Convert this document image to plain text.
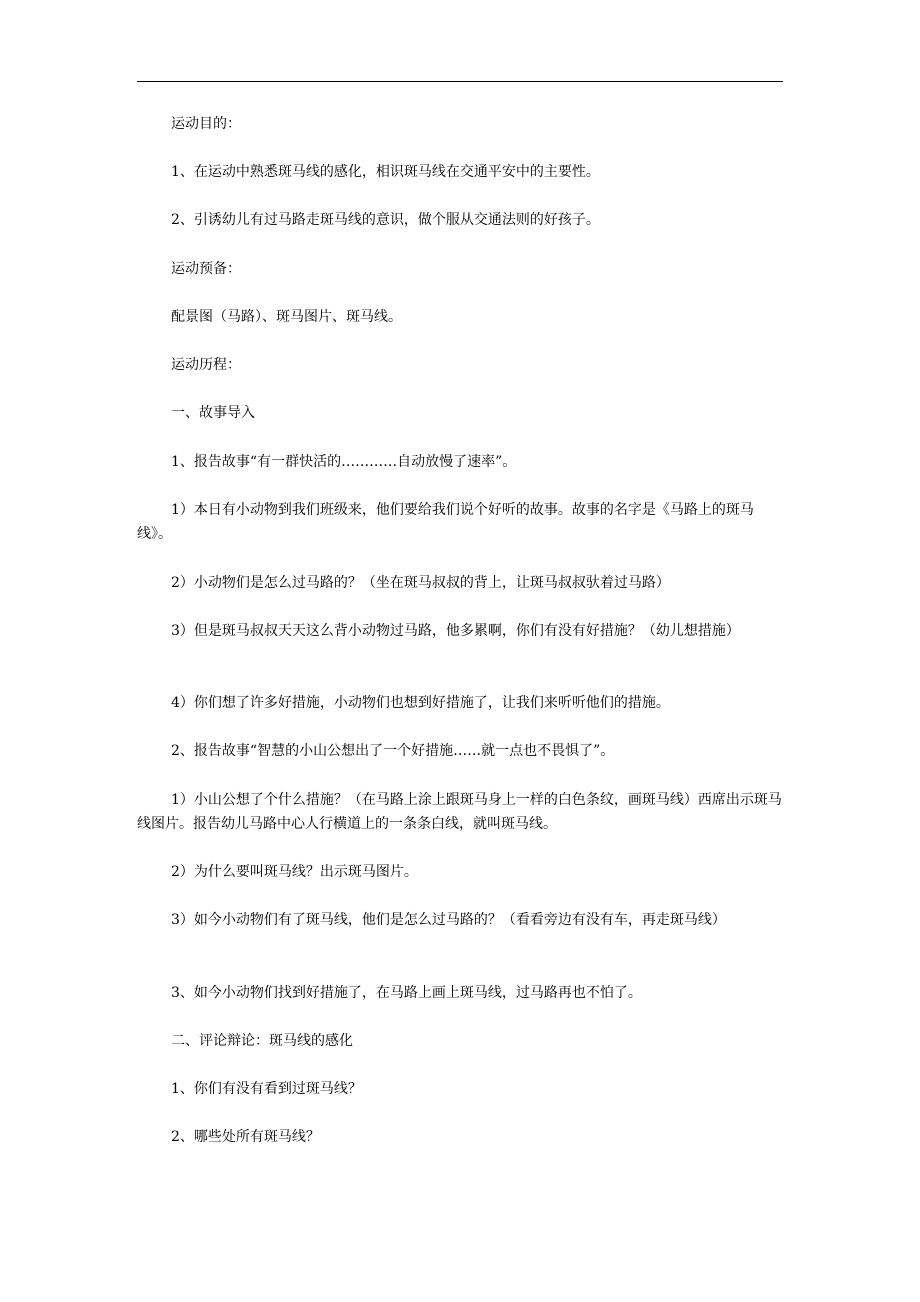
运动目的：
1、在运动中熟悉斑马线的感化，相识斑马线在交通平安中的主要性。
2、引诱幼儿有过马路走斑马线的意识，做个服从交通法则的好孩子。
运动预备：
配景图（马路）、斑马图片、斑马线。
运动历程：
一、故事导入
1、报告故事“有一群快活的…………自动放慢了速率”。
1）本日有小动物到我们班级来，他们要给我们说个好听的故事。故事的名字是《马路上的斑马线》。
2）小动物们是怎么过马路的？（坐在斑马叔叔的背上，让斑马叔叔驮着过马路）
3）但是斑马叔叔天天这么背小动物过马路，他多累啊，你们有没有好措施？（幼儿想措施）
4）你们想了许多好措施，小动物们也想到好措施了，让我们来听听他们的措施。
2、报告故事“智慧的小山公想出了一个好措施……就一点也不畏惧了”。
1）小山公想了个什么措施？（在马路上涂上跟斑马身上一样的白色条纹，画斑马线）西席出示斑马线图片。报告幼儿马路中心人行横道上的一条条白线，就叫斑马线。
2）为什么要叫斑马线？出示斑马图片。
3）如今小动物们有了斑马线，他们是怎么过马路的？（看看旁边有没有车，再走斑马线）
3、如今小动物们找到好措施了，在马路上画上斑马线，过马路再也不怕了。
二、评论辩论：斑马线的感化
1、你们有没有看到过斑马线？
2、哪些处所有斑马线？
